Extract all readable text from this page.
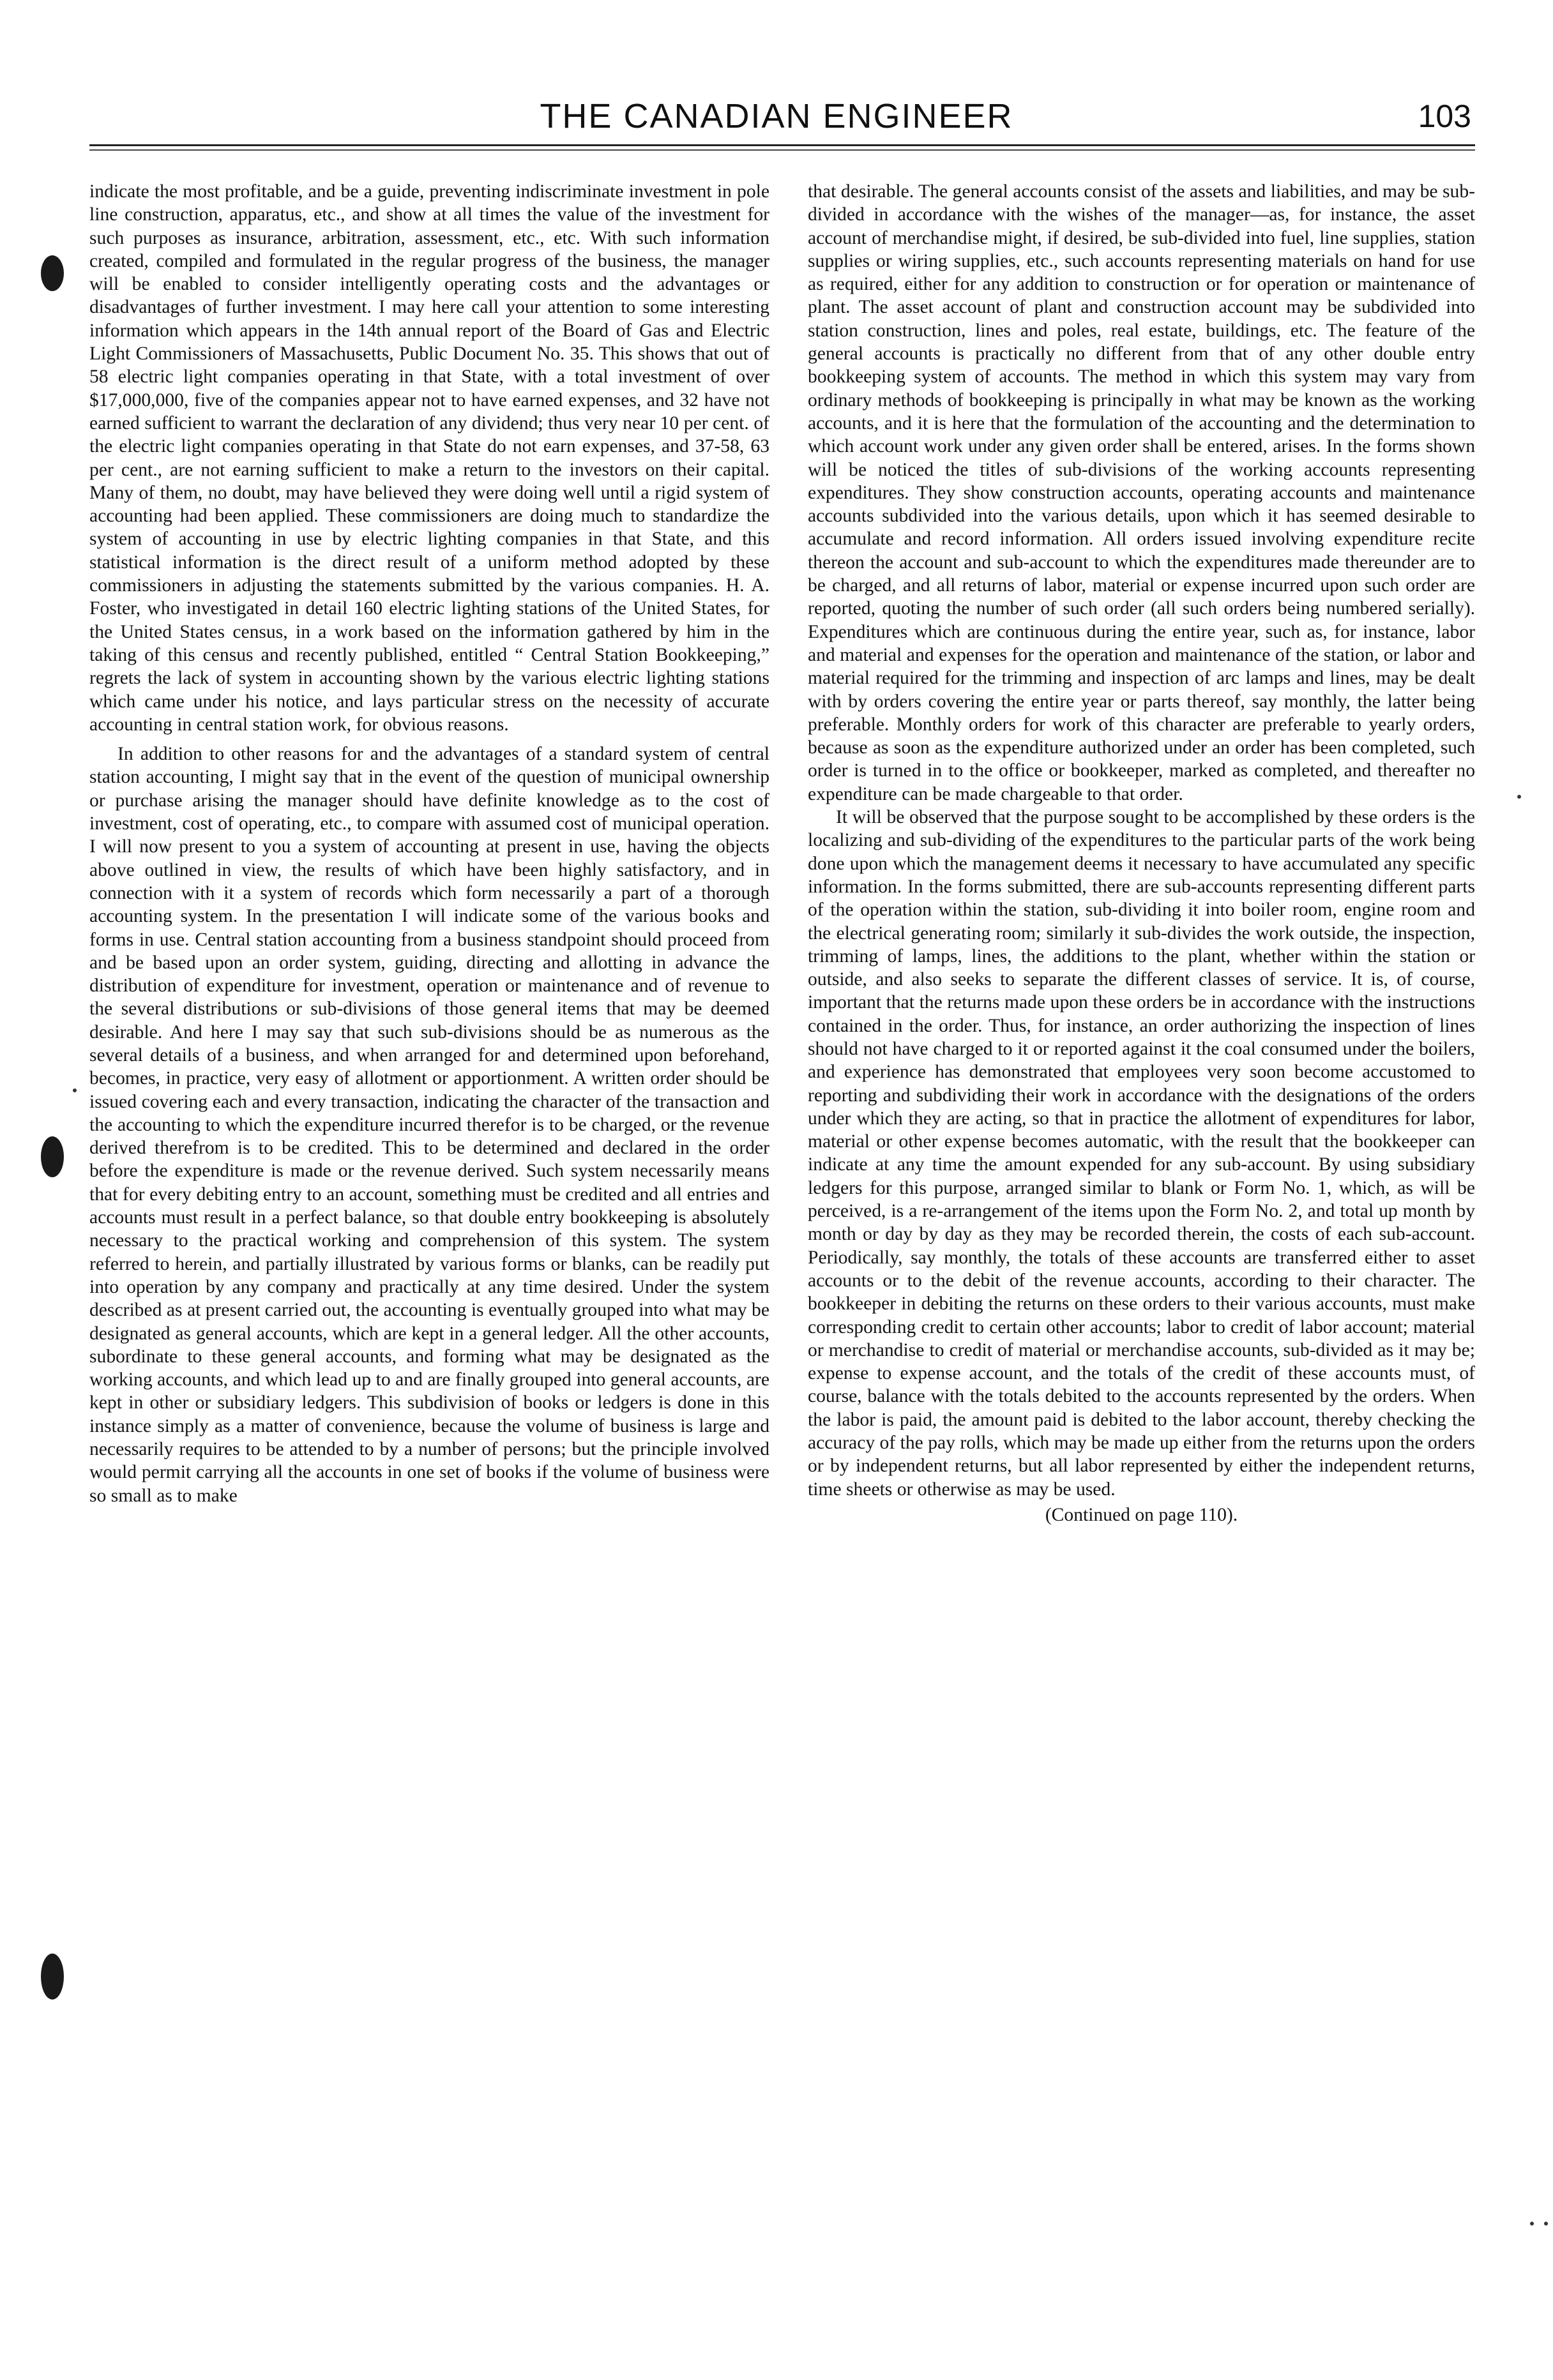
THE CANADIAN ENGINEER	103

indicate the most profitable, and be a guide, preventing indiscriminate investment in pole line construction, apparatus, etc., and show at all times the value of the investment for such purposes as insurance, arbitration, assessment, etc., etc. With such information created, compiled and formulated in the regular progress of the business, the manager will be enabled to consider intelligently operating costs and the advantages or disadvantages of further investment. I may here call your attention to some interesting information which appears in the 14th annual report of the Board of Gas and Electric Light Commissioners of Massachusetts, Public Document No. 35. This shows that out of 58 electric light companies operating in that State, with a total investment of over $17,000,000, five of the companies appear not to have earned expenses, and 32 have not earned sufficient to warrant the declaration of any dividend; thus very near 10 per cent. of the electric light companies operating in that State do not earn expenses, and 37-58, 63 per cent., are not earning sufficient to make a return to the investors on their capital. Many of them, no doubt, may have believed they were doing well until a rigid system of accounting had been applied. These commissioners are doing much to standardize the system of accounting in use by electric lighting companies in that State, and this statistical information is the direct result of a uniform method adopted by these commissioners in adjusting the statements submitted by the various companies. H. A. Foster, who investigated in detail 160 electric lighting stations of the United States, for the United States census, in a work based on the information gathered by him in the taking of this census and recently published, entitled “ Central Station Bookkeeping,” regrets the lack of system in accounting shown by the various electric lighting stations which came under his notice, and lays particular stress on the necessity of accurate accounting in central station work, for obvious reasons.

In addition to other reasons for and the advantages of a standard system of central station accounting, I might say that in the event of the question of municipal ownership or purchase arising the manager should have definite knowledge as to the cost of investment, cost of operating, etc., to compare with assumed cost of municipal operation. I will now present to you a system of accounting at present in use, having the objects above outlined in view, the results of which have been highly satisfactory, and in connection with it a system of records which form necessarily a part of a thorough accounting system. In the presentation I will indicate some of the various books and forms in use. Central station accounting from a business standpoint should proceed from and be based upon an order system, guiding, directing and allotting in advance the distribution of expenditure for investment, operation or maintenance and of revenue to the several distributions or sub-divisions of those general items that may be deemed desirable. And here I may say that such sub-divisions should be as numerous as the several details of a business, and when arranged for and determined upon beforehand, becomes, in practice, very easy of allotment or apportionment. A written order should be issued covering each and every transaction, indicating the character of the transaction and the accounting to which the expenditure incurred therefor is to be charged, or the revenue derived therefrom is to be credited. This to be determined and declared in the order before the expenditure is made or the revenue derived. Such system necessarily means that for every debiting entry to an account, something must be credited and all entries and accounts must result in a perfect balance, so that double entry bookkeeping is absolutely necessary to the practical working and comprehension of this system. The system referred to herein, and partially illustrated by various forms or blanks, can be readily put into operation by any company and practically at any time desired. Under the system described as at present carried out, the accounting is eventually grouped into what may be designated as general accounts, which are kept in a general ledger. All the other accounts, subordinate to these general accounts, and forming what may be designated as the working accounts, and which lead up to and are finally grouped into general accounts, are kept in other or subsidiary ledgers. This subdivision of books or ledgers is done in this instance simply as a matter of convenience, because the volume of business is large and necessarily requires to be attended to by a number of persons; but the principle involved would permit carrying all the accounts in one set of books if the volume of business were so small as to make

that desirable. The general accounts consist of the assets and liabilities, and may be sub-divided in accordance with the wishes of the manager—as, for instance, the asset account of merchandise might, if desired, be sub-divided into fuel, line supplies, station supplies or wiring supplies, etc., such accounts representing materials on hand for use as required, either for any addition to construction or for operation or maintenance of plant. The asset account of plant and construction account may be subdivided into station construction, lines and poles, real estate, buildings, etc. The feature of the general accounts is practically no different from that of any other double entry bookkeeping system of accounts. The method in which this system may vary from ordinary methods of bookkeeping is principally in what may be known as the working accounts, and it is here that the formulation of the accounting and the determination to which account work under any given order shall be entered, arises. In the forms shown will be noticed the titles of sub-divisions of the working accounts representing expenditures. They show construction accounts, operating accounts and maintenance accounts subdivided into the various details, upon which it has seemed desirable to accumulate and record information. All orders issued involving expenditure recite thereon the account and sub-account to which the expenditures made thereunder are to be charged, and all returns of labor, material or expense incurred upon such order are reported, quoting the number of such order (all such orders being numbered serially). Expenditures which are continuous during the entire year, such as, for instance, labor and material and expenses for the operation and maintenance of the station, or labor and material required for the trimming and inspection of arc lamps and lines, may be dealt with by orders covering the entire year or parts thereof, say monthly, the latter being preferable. Monthly orders for work of this character are preferable to yearly orders, because as soon as the expenditure authorized under an order has been completed, such order is turned in to the office or bookkeeper, marked as completed, and thereafter no expenditure can be made chargeable to that order.

It will be observed that the purpose sought to be accomplished by these orders is the localizing and sub-dividing of the expenditures to the particular parts of the work being done upon which the management deems it necessary to have accumulated any specific information. In the forms submitted, there are sub-accounts representing different parts of the operation within the station, sub-dividing it into boiler room, engine room and the electrical generating room; similarly it sub-divides the work outside, the inspection, trimming of lamps, lines, the additions to the plant, whether within the station or outside, and also seeks to separate the different classes of service. It is, of course, important that the returns made upon these orders be in accordance with the instructions contained in the order. Thus, for instance, an order authorizing the inspection of lines should not have charged to it or reported against it the coal consumed under the boilers, and experience has demonstrated that employees very soon become accustomed to reporting and subdividing their work in accordance with the designations of the orders under which they are acting, so that in practice the allotment of expenditures for labor, material or other expense becomes automatic, with the result that the bookkeeper can indicate at any time the amount expended for any sub-account. By using subsidiary ledgers for this purpose, arranged similar to blank or Form No. 1, which, as will be perceived, is a re-arrangement of the items upon the Form No. 2, and total up month by month or day by day as they may be recorded therein, the costs of each sub-account. Periodically, say monthly, the totals of these accounts are transferred either to asset accounts or to the debit of the revenue accounts, according to their character. The bookkeeper in debiting the returns on these orders to their various accounts, must make corresponding credit to certain other accounts; labor to credit of labor account; material or merchandise to credit of material or merchandise accounts, sub-divided as it may be; expense to expense account, and the totals of the credit of these accounts must, of course, balance with the totals debited to the accounts represented by the orders. When the labor is paid, the amount paid is debited to the labor account, thereby checking the accuracy of the pay rolls, which may be made up either from the returns upon the orders or by independent returns, but all labor represented by either the independent returns, time sheets or otherwise as may be used.

(Continued on page 110).
